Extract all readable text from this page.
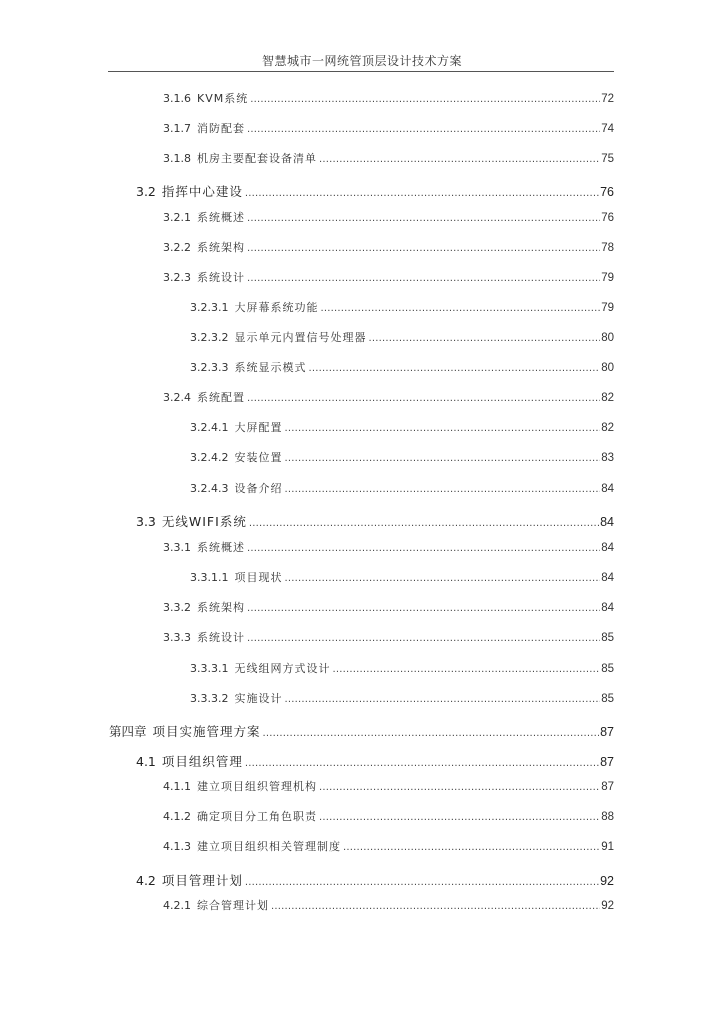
智慧城市一网统管顶层设计技术方案
3.1.6 KVM系统 .....	72
3.1.7 消防配套 .....	74
3.1.8 机房主要配套设备清单 .....	75
3.2 指挥中心建设 .....	76
3.2.1 系统概述 .....	76
3.2.2 系统架构 .....	78
3.2.3 系统设计 .....	79
3.2.3.1 大屏幕系统功能 .....	79
3.2.3.2 显示单元内置信号处理器 .....	80
3.2.3.3 系统显示模式 .....	80
3.2.4 系统配置 .....	82
3.2.4.1 大屏配置 .....	82
3.2.4.2 安装位置 .....	83
3.2.4.3 设备介绍 .....	84
3.3 无线WIFI系统 .....	84
3.3.1 系统概述 .....	84
3.3.1.1 项目现状 .....	84
3.3.2 系统架构 .....	84
3.3.3 系统设计 .....	85
3.3.3.1 无线组网方式设计 .....	85
3.3.3.2 实施设计 .....	85
第四章 项目实施管理方案 .....	87
4.1 项目组织管理 .....	87
4.1.1 建立项目组织管理机构 .....	87
4.1.2 确定项目分工角色职责 .....	88
4.1.3 建立项目组织相关管理制度 .....	91
4.2 项目管理计划 .....	92
4.2.1 综合管理计划 .....	92
